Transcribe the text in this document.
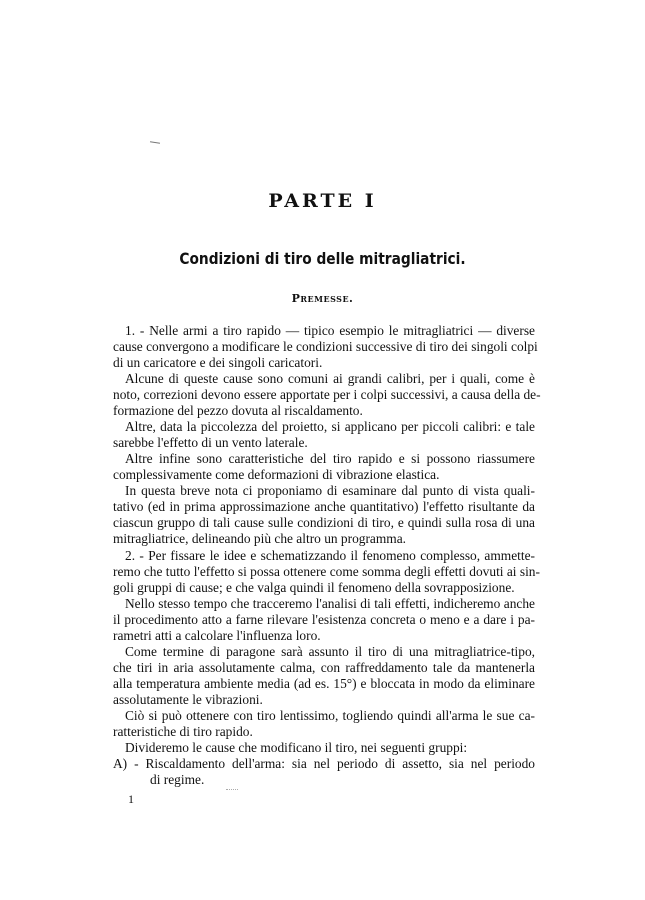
PARTE I
Condizioni di tiro delle mitragliatrici.
Premesse.
1. - Nelle armi a tiro rapido — tipico esempio le mitragliatrici — diverse
cause convergono a modificare le condizioni successive di tiro dei singoli colpi
di un caricatore e dei singoli caricatori.
Alcune di queste cause sono comuni ai grandi calibri, per i quali, come è
noto, correzioni devono essere apportate per i colpi successivi, a causa della de-
formazione del pezzo dovuta al riscaldamento.
Altre, data la piccolezza del proietto, si applicano per piccoli calibri: e tale
sarebbe l'effetto di un vento laterale.
Altre infine sono caratteristiche del tiro rapido e si possono riassumere
complessivamente come deformazioni di vibrazione elastica.
In questa breve nota ci proponiamo di esaminare dal punto di vista quali-
tativo (ed in prima approssimazione anche quantitativo) l'effetto risultante da
ciascun gruppo di tali cause sulle condizioni di tiro, e quindi sulla rosa di una
mitragliatrice, delineando più che altro un programma.
2. - Per fissare le idee e schematizzando il fenomeno complesso, ammette-
remo che tutto l'effetto si possa ottenere come somma degli effetti dovuti ai sin-
goli gruppi di cause; e che valga quindi il fenomeno della sovrapposizione.
Nello stesso tempo che tracceremo l'analisi di tali effetti, indicheremo anche
il procedimento atto a farne rilevare l'esistenza concreta o meno e a dare i pa-
rametri atti a calcolare l'influenza loro.
Come termine di paragone sarà assunto il tiro di una mitragliatrice-tipo,
che tiri in aria assolutamente calma, con raffreddamento tale da mantenerla
alla temperatura ambiente media (ad es. 15°) e bloccata in modo da eliminare
assolutamente le vibrazioni.
Ciò si può ottenere con tiro lentissimo, togliendo quindi all'arma le sue ca-
ratteristiche di tiro rapido.
Divideremo le cause che modificano il tiro, nei seguenti gruppi:
A) - Riscaldamento dell'arma: sia nel periodo di assetto, sia nel periodo
di regime.
1
